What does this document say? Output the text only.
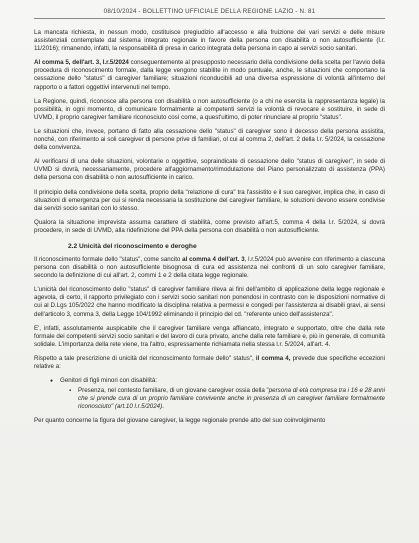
08/10/2024 - BOLLETTINO UFFICIALE DELLA REGIONE LAZIO - N. 81

La mancata richiesta, in nessun modo, costituisce pregiudizio all'accesso e alla fruizione dei vari servizi e delle misure assistenziali contemplate dal sistema integrato regionale in favore della persona con disabilità o non autosufficiente (l.r. 11/2016); rimanendo, infatti, la responsabilità di presa in carico integrata della persona in capo ai servizi socio sanitari.

Al comma 5, dell'art. 3, l.r.5/2024 conseguentemente al presupposto necessario della condivisione della scelta per l'avvio della procedura di riconoscimento formale, dalla legge vengono stabilite in modo puntuale, anche, le situazioni che comportano la cessazione dello "status" di caregiver familiare; situazioni riconducibili ad una diversa espressione di volontà all'interno del rapporto o a fattori oggettivi intervenuti nel tempo.

La Regione, quindi, riconosce alla persona con disabilità o non autosufficiente (o a chi ne esercita la rappresentanza legale) la possibilità, in ogni momento, di comunicare formalmente ai competenti servizi la volontà di revocare e sostituire, in sede di UVMD, il proprio caregiver familiare riconosciuto così come, a quest'ultimo, di poter rinunciare al proprio "status".

Le situazioni che, invece, portano di fatto alla cessazione dello "status" di caregiver sono il decesso della persona assistita, nonché, con riferimento ai soli caregiver di persone prive di familiari, ol cui al comma 2, dell'art. 2 della l.r. 5/2024, la cessazione della convivenza.

Al verificarsi di una delle situazioni, volontarie o oggettive, sopraindicate di cessazione dello "status di caregiver", in sede di UVMD si dovrà, necessariamente, procedere all'aggiornamento/rimodulazione del Piano personalizzato di assistenza (PPA) della persona con disabilità o non autosufficiente in carico.

Il principio della condivisione della scelta, proprio della "relazione di cura" tra l'assistito e il suo caregiver, implica che, in caso di situazioni di emergenza per cui si renda necessaria la sostituzione del caregiver familiare, le soluzioni devono essere condivise dai servizi socio sanitari con lo stesso.

Qualora la situazione imprevista assuma carattere di stabilità, come previsto all'art.5, comma 4 della l.r. 5/2024, si dovrà procedere, in sede di UVMD, alla ridefinizione del PPA della persona con disabilità o non autosufficiente.

2.2 Unicità del riconoscimento e deroghe

Il riconoscimento formale dello "status", come sancito al comma 4 dell'art. 3, l.r.5/2024 può avvenire con riferimento a ciascuna persona con disabilità o non autosufficiente bisognosa di cura ed assistenza nei confronti di un solo caregiver familiare, secondo la definizione di cui all'art. 2, commi 1 e 2 della citata legge regionale.

L'unicità del riconoscimento dello "status" di caregiver familiare rileva ai fini dell'ambito di applicazione della legge regionale e agevola, di certo, il rapporto privilegiato con i servizi socio sanitari non ponendosi in contrasto con le disposizioni normative di cui al D.Lgs 105/2022 che hanno modificato la disciplina relativa a permessi e congedi per l'assistenza ai disabili gravi, ai sensi dell'articolo 3, comma 3, della Legge 104/1992 eliminando il principio del cd. "referente unico dell'assistenza".

E', infatti, assolutamente auspicabile che il caregiver familiare venga affiancato, integrato e supportato, oltre che dalla rete formale dei competenti servizi socio sanitari e del lavoro di cura privato, anche dalla rete familiare e, più in generale, di comunità solidale. L'importanza della rete viene, tra l'altro, espressamente richiamata nella stessa l.r. 5/2024, all'art. 4.

Rispetto a tale prescrizione di unicità del riconoscimento formale dello" status", il comma 4, prevede due specifiche eccezioni relative a:

● Genitori di figli minori con disabilità:
▪ Presenza, nel contesto familiare, di un giovane caregiver ossia della "persona di età compresa tra i 16 e 28 anni che si prende cura di un proprio familiare convivente anche in presenza di un caregiver familiare formalmente riconosciuto" (art.10 l.r.5/2024).

Per quanto concerne la figura del giovane caregiver, la legge regionale prende atto del suo coinvolgimento
